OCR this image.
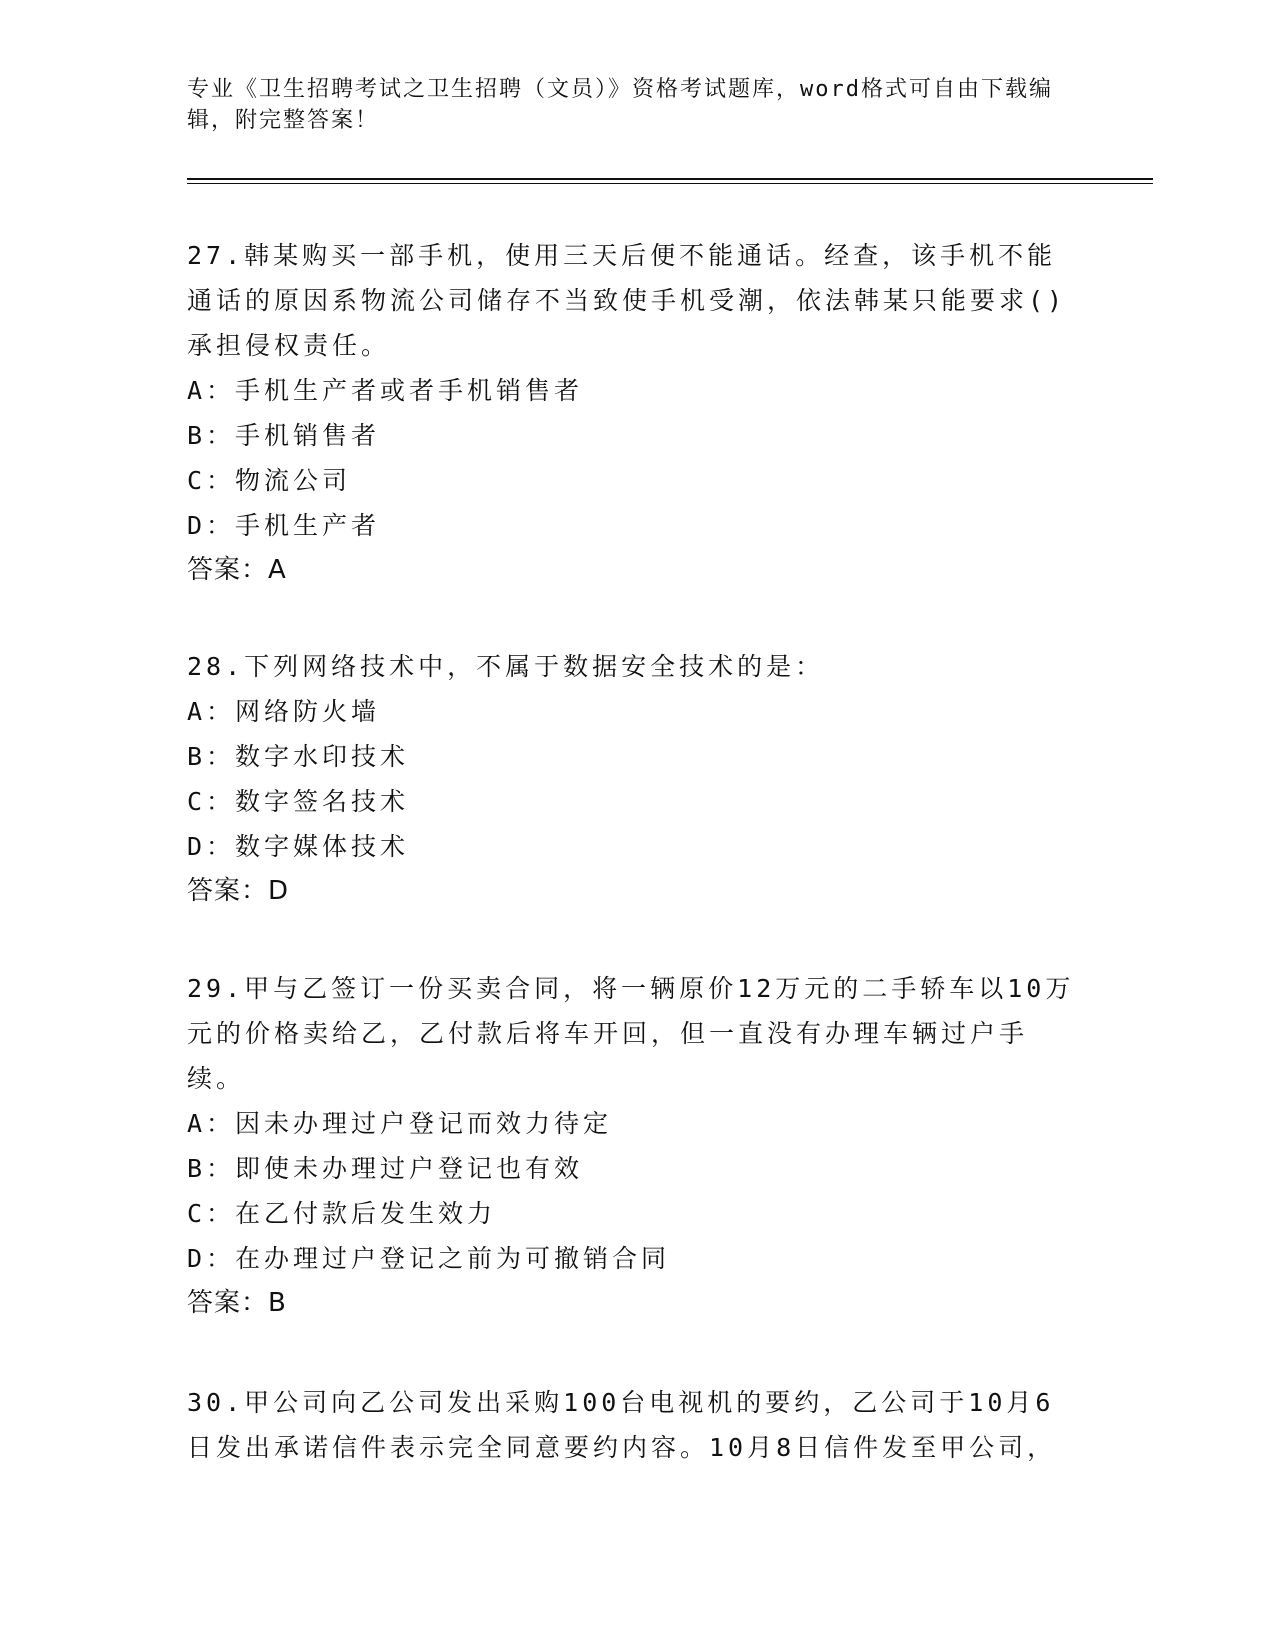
专业《卫生招聘考试之卫生招聘（文员）》资格考试题库，word格式可自由下载编辑，附完整答案！

27.韩某购买一部手机，使用三天后便不能通话。经查，该手机不能通话的原因系物流公司储存不当致使手机受潮，依法韩某只能要求()承担侵权责任。

A：手机生产者或者手机销售者

B：手机销售者

C：物流公司

D：手机生产者

答案：A

28.下列网络技术中，不属于数据安全技术的是：

A：网络防火墙

B：数字水印技术

C：数字签名技术

D：数字媒体技术

答案：D

29.甲与乙签订一份买卖合同，将一辆原价12万元的二手轿车以10万元的价格卖给乙，乙付款后将车开回，但一直没有办理车辆过户手续。

A：因未办理过户登记而效力待定

B：即使未办理过户登记也有效

C：在乙付款后发生效力

D：在办理过户登记之前为可撤销合同

答案：B

30.甲公司向乙公司发出采购100台电视机的要约，乙公司于10月6日发出承诺信件表示完全同意要约内容。10月8日信件发至甲公司，
